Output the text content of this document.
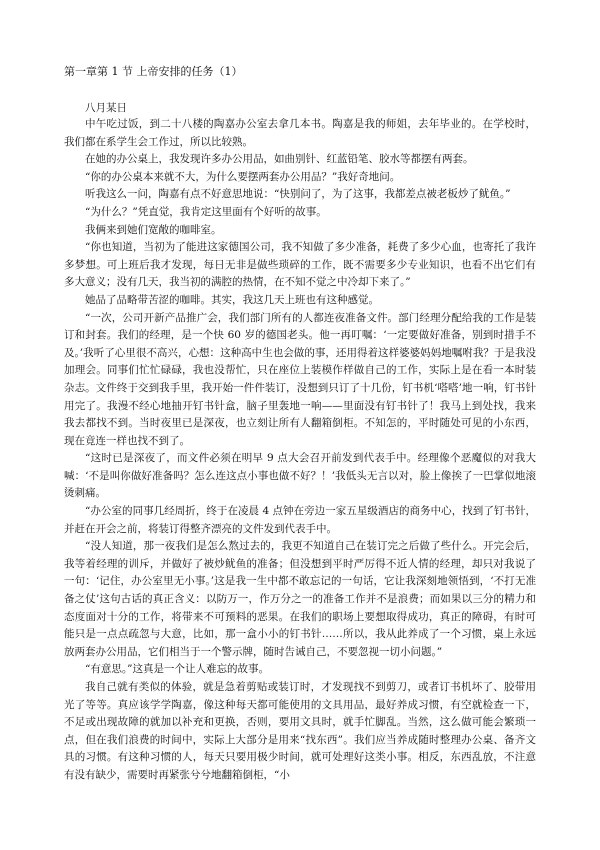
第一章第 1 节 上帝安排的任务（1）

八月某日

中午吃过饭，到二十八楼的陶嘉办公室去拿几本书。陶嘉是我的师姐，去年毕业的。在学校时，我们都在系学生会工作过，所以比较熟。

在她的办公桌上，我发现许多办公用品，如曲别针、红蓝铅笔、胶水等都摆有两套。

“你的办公桌本来就不大，为什么要摆两套办公用品？”我好奇地问。

听我这么一问，陶嘉有点不好意思地说：“快别问了，为了这事，我都差点被老板炒了鱿鱼。”

“为什么？”凭直觉，我肯定这里面有个好听的故事。

我俩来到她们宽敞的咖啡室。

“你也知道，当初为了能进这家德国公司，我不知做了多少准备，耗费了多少心血，也寄托了我许多梦想。可上班后我才发现，每日无非是做些琐碎的工作，既不需要多少专业知识，也看不出它们有多大意义；没有几天，我当初的满腔的热情，在不知不觉之中冷却下来了。”

她品了品略带苦涩的咖啡。其实，我这几天上班也有这种感觉。

“一次，公司开新产品推广会，我们部门所有的人都连夜准备文件。部门经理分配给我的工作是装订和封套。我们的经理，是一个快 60 岁的德国老头。他一再叮嘱：‘一定要做好准备，别到时措手不及。’我听了心里很不高兴，心想：这种高中生也会做的事，还用得着这样婆婆妈妈地嘱咐我？于是我没加理会。同事们忙忙碌碌，我也没帮忙，只在座位上装模作样做自己的工作，实际上是在看一本时装杂志。文件终于交到我手里，我开始一件件装订，没想到只订了十几份，钉书机‘嗒嗒’地一响，钉书针用完了。我漫不经心地抽开钉书针盒，脑子里轰地一响——里面没有钉书针了！我马上到处找，我来我去都找不到。当时夜里已是深夜，也立刻让所有人翻箱倒柜。不知怎的，平时随处可见的小东西，现在竟连一样也找不到了。

“这时已是深夜了，而文件必须在明早 9 点大会召开前发到代表手中。经理像个恶魔似的对我大喊：‘不是叫你做好准备吗？怎么连这点小事也做不好？！’我低头无言以对，脸上像挨了一巴掌似地滚烫刺痛。

“办公室的同事几经周折，终于在凌晨 4 点钟在旁边一家五星级酒店的商务中心，找到了钉书针，并赶在开会之前，将装订得整齐漂亮的文件发到代表手中。

“没人知道，那一夜我们是怎么熬过去的，我更不知道自己在装订完之后做了些什么。开完会后，我等着经理的训斥，并做好了被炒鱿鱼的准备；但没想到平时严厉得不近人情的经理，却只对我说了一句：‘记住，办公室里无小事。’这是我一生中都不敢忘记的一句话，它让我深刻地领悟到，‘不打无准备之仗’这句古话的真正含义：以防万一，作万分之一的准备工作并不是浪费；而如果以三分的精力和态度面对十分的工作，将带来不可预料的恶果。在我们的职场上要想取得成功，真正的障碍，有时可能只是一点点疏忽与大意，比如，那一盒小小的钉书针……所以，我从此养成了一个习惯，桌上永远放两套办公用品，它们相当于一个警示牌，随时告诫自己，不要忽视一切小问题。”

“有意思。”这真是一个让人难忘的故事。

我自己就有类似的体验，就是急着剪贴或装订时，才发现找不到剪刀，或者订书机坏了、胶带用光了等等。真应该学学陶嘉，像这种每天都可能使用的文具用品，最好养成习惯，有空就检查一下，不足或出现故障的就加以补充和更换，否则，要用文具时，就手忙脚乱。当然，这么做可能会繁琐一点，但在我们浪费的时间中，实际上大部分是用来“找东西”。我们应当养成随时整理办公桌、备齐文具的习惯。有这种习惯的人，每天只要用极少时间，就可处理好这类小事。相反，东西乱放，不注意有没有缺少，需要时再紧张兮兮地翻箱倒柜，“小
